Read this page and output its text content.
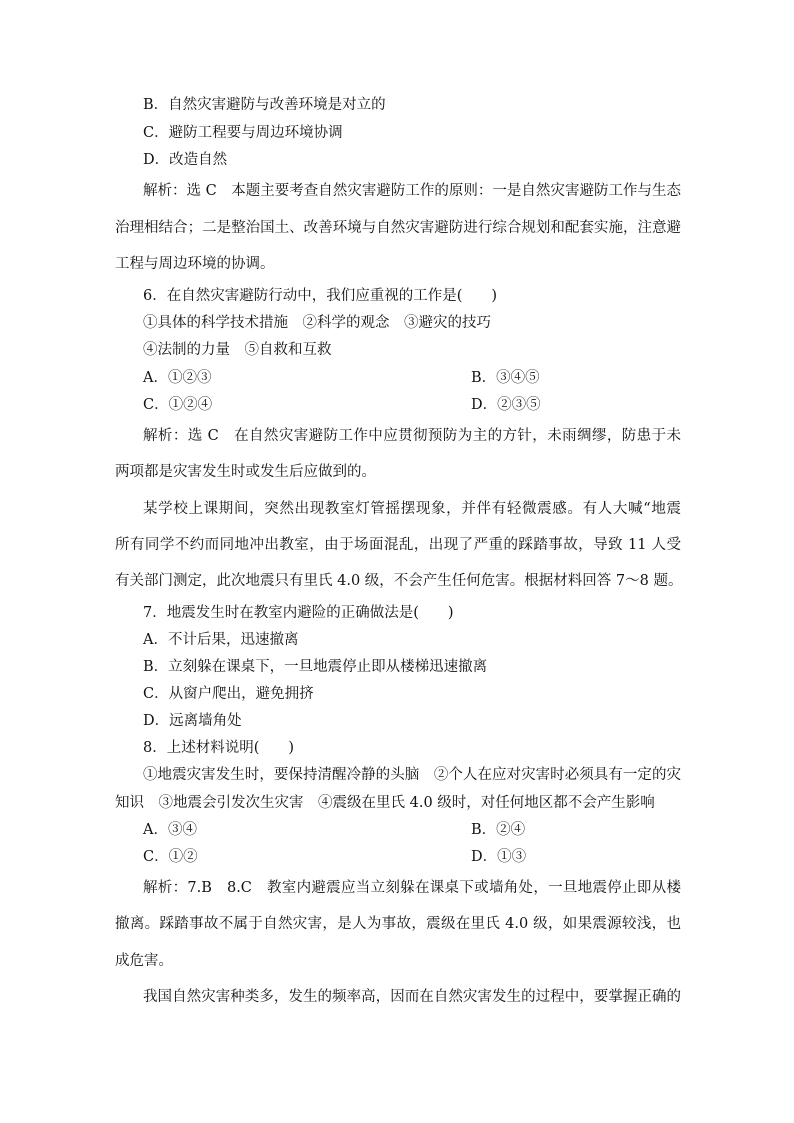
B．自然灾害避防与改善环境是对立的
C．避防工程要与周边环境协调
D．改造自然
解析：选 C　本题主要考查自然灾害避防工作的原则：一是自然灾害避防工作与生态
治理相结合；二是整治国土、改善环境与自然灾害避防进行综合规划和配套实施，注意避
工程与周边环境的协调。
6．在自然灾害避防行动中，我们应重视的工作是(　　)
①具体的科学技术措施　②科学的观念　③避灾的技巧
④法制的力量　⑤自救和互救
A．①②③	B．③④⑤
C．①②④	D．②③⑤
解析：选 C　在自然灾害避防工作中应贯彻预防为主的方针，未雨绸缪，防患于未
两项都是灾害发生时或发生后应做到的。
某学校上课期间，突然出现教室灯管摇摆现象，并伴有轻微震感。有人大喊“地震
所有同学不约而同地冲出教室，由于场面混乱，出现了严重的踩踏事故，导致 11 人受
有关部门测定，此次地震只有里氏 4.0 级，不会产生任何危害。根据材料回答 7～8 题。
7．地震发生时在教室内避险的正确做法是(　　)
A．不计后果，迅速撤离
B．立刻躲在课桌下，一旦地震停止即从楼梯迅速撤离
C．从窗户爬出，避免拥挤
D．远离墙角处
8．上述材料说明(　　)
①地震灾害发生时，要保持清醒冷静的头脑　②个人在应对灾害时必须具有一定的灾
知识　③地震会引发次生灾害　④震级在里氏 4.0 级时，对任何地区都不会产生影响
A．③④	B．②④
C．①②	D．①③
解析：7.B　8.C　教室内避震应当立刻躲在课桌下或墙角处，一旦地震停止即从楼
撤离。踩踏事故不属于自然灾害，是人为事故，震级在里氏 4.0 级，如果震源较浅，也
成危害。
我国自然灾害种类多，发生的频率高，因而在自然灾害发生的过程中，要掌握正确的
